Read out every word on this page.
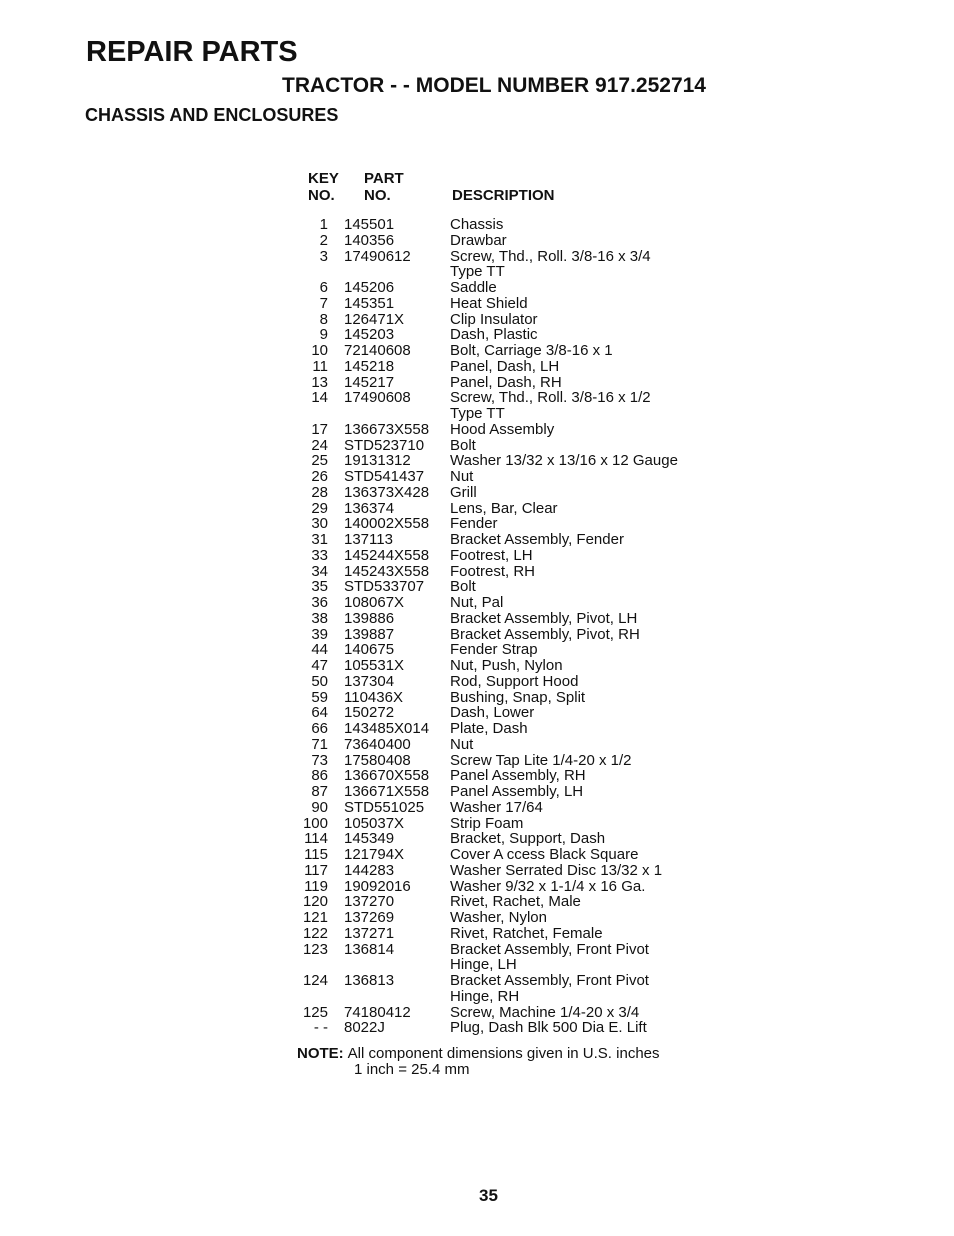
REPAIR PARTS
TRACTOR - - MODEL NUMBER 917.252714
CHASSIS AND ENCLOSURES
KEY
NO.
PART
NO.	DESCRIPTION
1	145501	Chassis
2	140356	Drawbar
3	17490612	Screw, Thd., Roll. 3/8-16 x 3/4
Type TT
6	145206	Saddle
7	145351	Heat Shield
8	126471X	Clip Insulator
9	145203	Dash, Plastic
10	72140608	Bolt, Carriage 3/8-16 x 1
11	145218	Panel, Dash, LH
13	145217	Panel, Dash, RH
14	17490608	Screw, Thd., Roll. 3/8-16 x 1/2
Type TT
17	136673X558	Hood Assembly
24	STD523710	Bolt
25	19131312	Washer 13/32 x 13/16 x 12 Gauge
26	STD541437	Nut
28	136373X428	Grill
29	136374	Lens, Bar, Clear
30	140002X558	Fender
31	137113	Bracket Assembly, Fender
33	145244X558	Footrest, LH
34	145243X558	Footrest, RH
35	STD533707	Bolt
36	108067X	Nut, Pal
38	139886	Bracket Assembly, Pivot, LH
39	139887	Bracket Assembly, Pivot, RH
44	140675	Fender Strap
47	105531X	Nut, Push, Nylon
50	137304	Rod, Support Hood
59	110436X	Bushing, Snap, Split
64	150272	Dash, Lower
66	143485X014	Plate, Dash
71	73640400	Nut
73	17580408	Screw Tap Lite 1/4-20 x 1/2
86	136670X558	Panel Assembly, RH
87	136671X558	Panel Assembly, LH
90	STD551025	Washer 17/64
100	105037X	Strip Foam
114	145349	Bracket, Support, Dash
115	121794X	Cover A ccess Black Square
117	144283	Washer Serrated Disc 13/32 x 1
119	19092016	Washer 9/32 x 1-1/4 x 16 Ga.
120	137270	Rivet, Rachet, Male
121	137269	Washer, Nylon
122	137271	Rivet, Ratchet, Female
123	136814	Bracket Assembly, Front Pivot
Hinge, LH
124	136813	Bracket Assembly, Front Pivot
Hinge, RH
125	74180412	Screw, Machine 1/4-20 x 3/4
- -	8022J	Plug, Dash Blk 500 Dia E. Lift
NOTE: All component dimensions given in U.S. inches
1 inch = 25.4 mm
35
